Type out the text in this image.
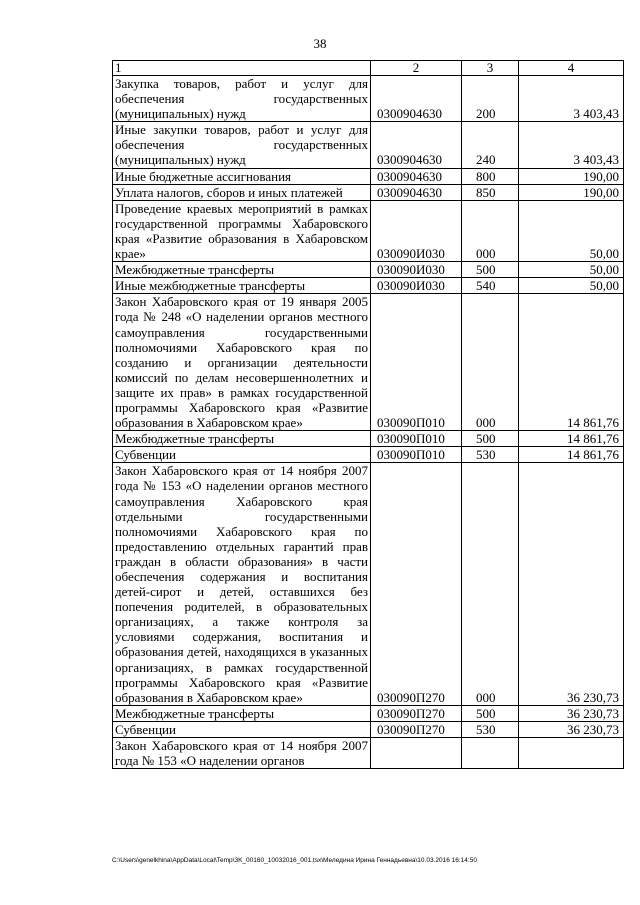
38
1	2	3	4
Закупка товаров, работ и услуг для обеспечения государственных (муниципальных) нужд	0300904630	200	3 403,43
Иные закупки товаров, работ и услуг для обеспечения государственных (муниципальных) нужд	0300904630	240	3 403,43
Иные бюджетные ассигнования	0300904630	800	190,00
Уплата налогов, сборов и иных платежей	0300904630	850	190,00
Проведение краевых мероприятий в рамках государственной программы Хабаровского края «Развитие образования в Хабаровском крае»	030090И030	000	50,00
Межбюджетные трансферты	030090И030	500	50,00
Иные межбюджетные трансферты	030090И030	540	50,00
Закон Хабаровского края от 19 января 2005 года № 248 «О наделении органов местного самоуправления государственными полномочиями Хабаровского края по созданию и организации деятельности комиссий по делам несовершеннолетних и защите их прав» в рамках государственной программы Хабаровского края «Развитие образования в Хабаровском крае»	030090П010	000	14 861,76
Межбюджетные трансферты	030090П010	500	14 861,76
Субвенции	030090П010	530	14 861,76
Закон Хабаровского края от 14 ноября 2007 года № 153 «О наделении органов местного самоуправления Хабаровского края отдельными государственными полномочиями Хабаровского края по предоставлению отдельных гарантий прав граждан в области образования» в части обеспечения содержания и воспитания детей-сирот и детей, оставшихся без попечения родителей, в образовательных организациях, а также контроля за условиями содержания, воспитания и образования детей, находящихся в указанных организациях, в рамках государственной программы Хабаровского края «Развитие образования в Хабаровском крае»	030090П270	000	36 230,73
Межбюджетные трансферты	030090П270	500	36 230,73
Субвенции	030090П270	530	36 230,73
Закон Хабаровского края от 14 ноября 2007 года № 153 «О наделении органов			
C:\Users\genelkhina\AppData\Local\Temp\3K_00160_10032016_001.tsx\Меледина Ирина Геннадьевна\10.03.2016 16:14:50
